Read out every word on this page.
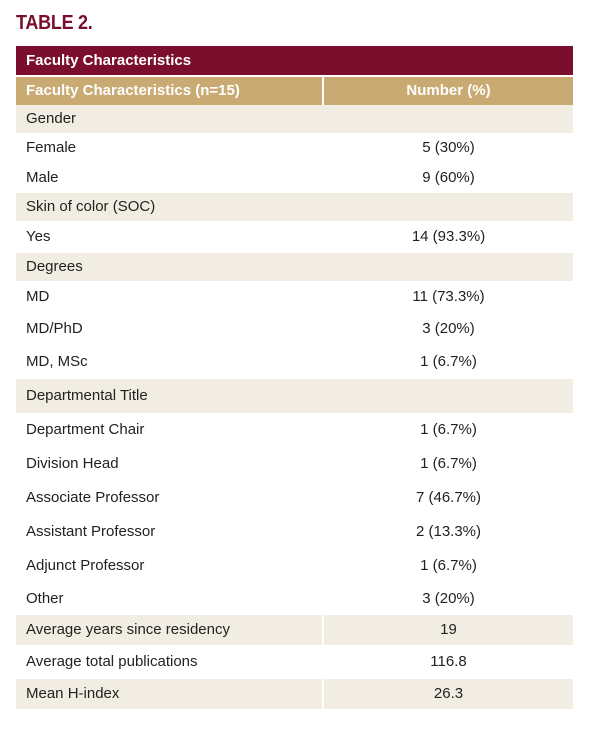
TABLE 2.
Faculty Characteristics
Faculty Characteristics (n=15)	Number (%)
Gender
Female	5 (30%)
Male	9 (60%)
Skin of color (SOC)
Yes	14 (93.3%)
Degrees
MD	11 (73.3%)
MD/PhD	3 (20%)
MD, MSc	1 (6.7%)
Departmental Title
Department Chair	1 (6.7%)
Division Head	1 (6.7%)
Associate Professor	7 (46.7%)
Assistant Professor	2 (13.3%)
Adjunct Professor	1 (6.7%)
Other	3 (20%)
Average years since residency	19
Average total publications	116.8
Mean H-index	26.3
